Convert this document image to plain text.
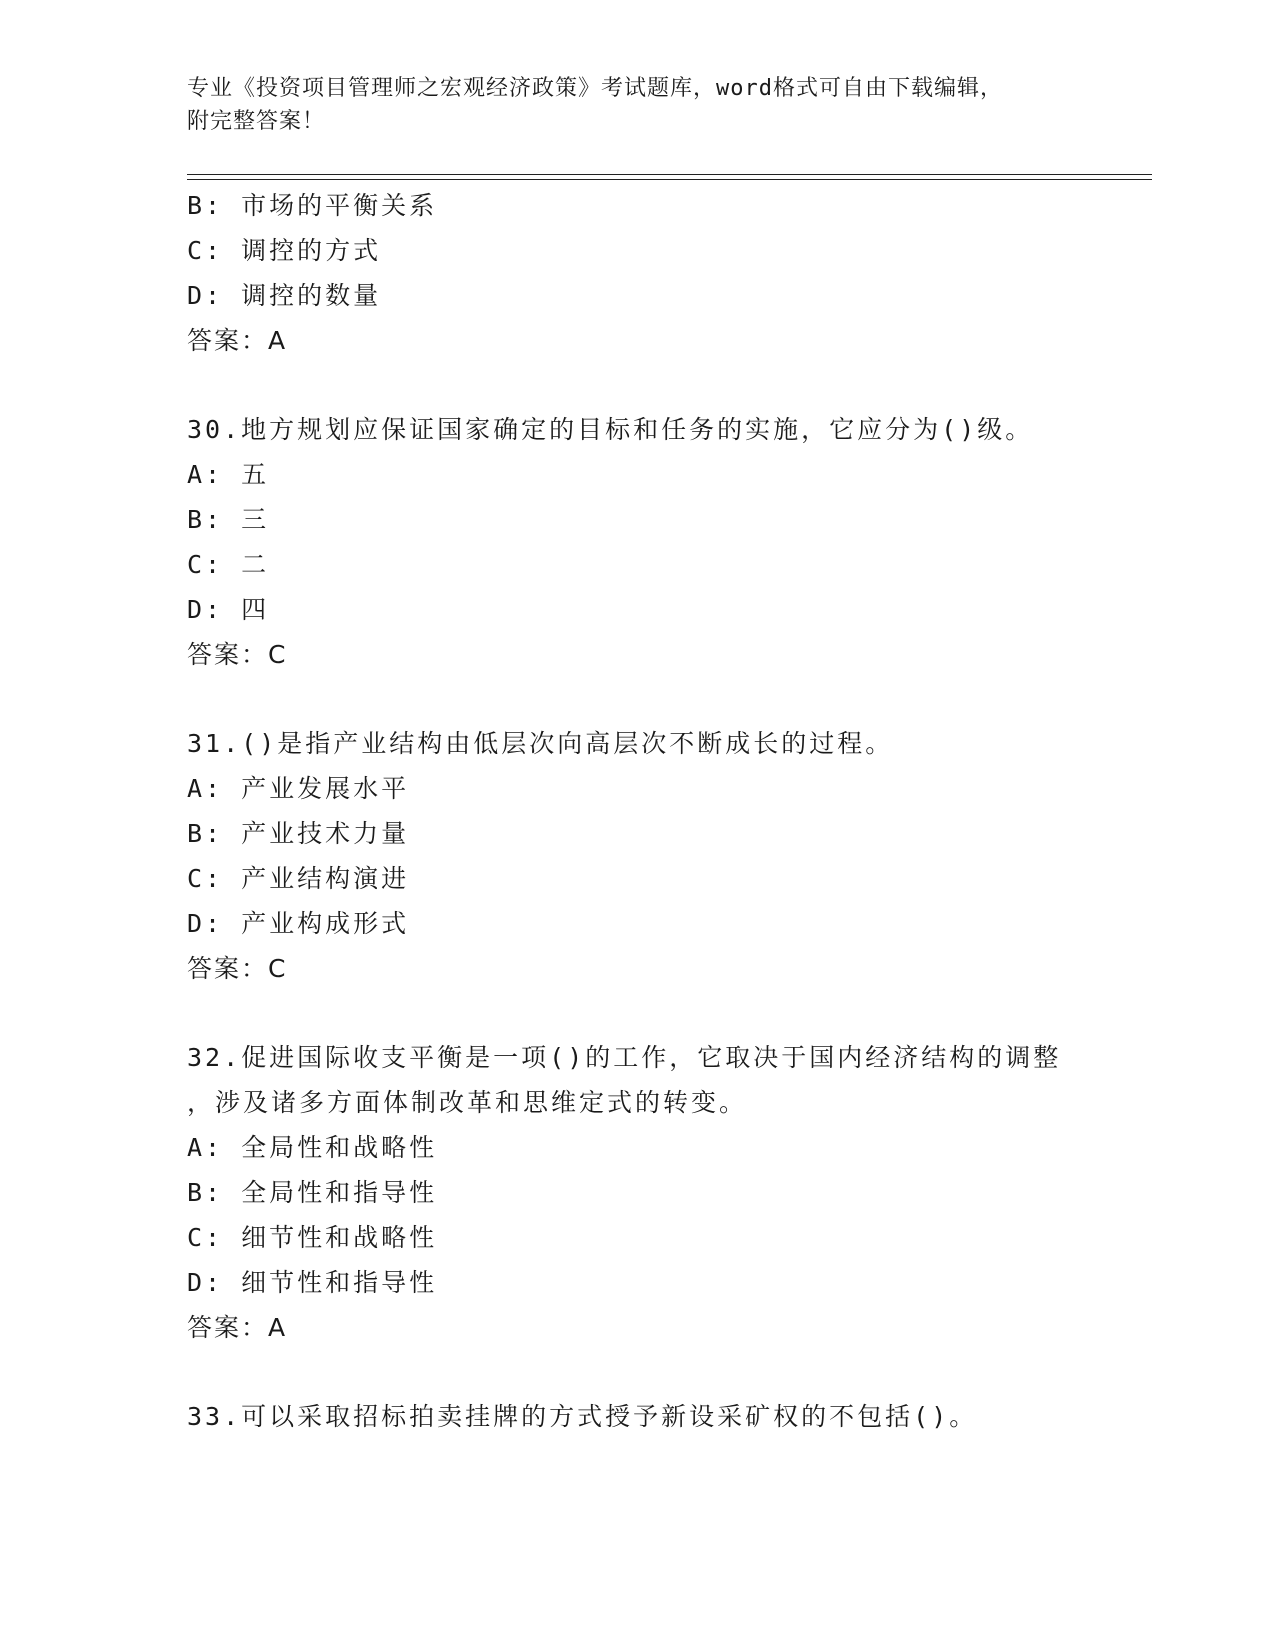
专业《投资项目管理师之宏观经济政策》考试题库，word格式可自由下载编辑，
附完整答案！
B: 市场的平衡关系
C: 调控的方式
D: 调控的数量
答案：A
30.地方规划应保证国家确定的目标和任务的实施，它应分为()级。
A: 五
B: 三
C: 二
D: 四
答案：C
31.()是指产业结构由低层次向高层次不断成长的过程。
A: 产业发展水平
B: 产业技术力量
C: 产业结构演进
D: 产业构成形式
答案：C
32.促进国际收支平衡是一项()的工作，它取决于国内经济结构的调整
，涉及诸多方面体制改革和思维定式的转变。
A: 全局性和战略性
B: 全局性和指导性
C: 细节性和战略性
D: 细节性和指导性
答案：A
33.可以采取招标拍卖挂牌的方式授予新设采矿权的不包括()。
